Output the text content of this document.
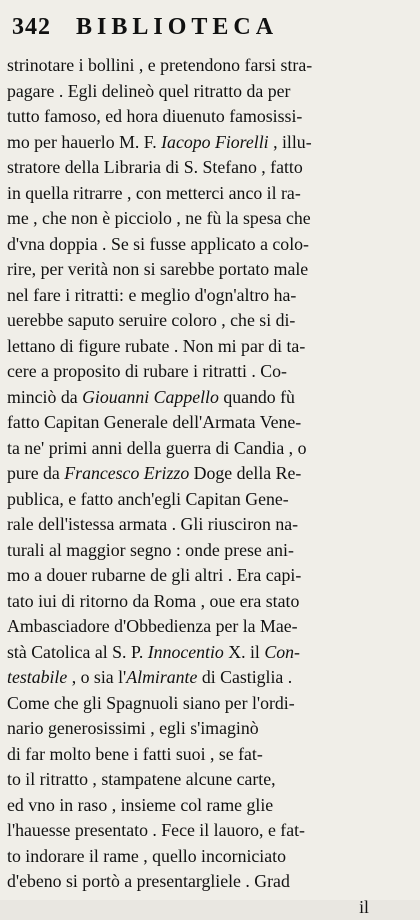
342 BIBLIOTECA
strinotare i bollini , e pretendono farsi stra-
pagare . Egli delineò quel ritratto da per
tutto famoso, ed hora diuenuto famosissi-
mo per hauerlo M. F. Iacopo Fiorelli , illu-
stratore della Libraria di S. Stefano , fatto
in quella ritrarre , con metterci anco il ra-
me , che non è picciolo , ne fù la spesa che
d'vna doppia . Se si fusse applicato a colo-
rire, per verità non si sarebbe portato male
nel fare i ritratti: e meglio d'ogn'altro ha-
uerebbe saputo seruire coloro , che si di-
lettano di figure rubate . Non mi par di ta-
cere a proposito di rubare i ritratti . Co-
minciò da Giouanni Cappello quando fù
fatto Capitan Generale dell'Armata Vene-
ta ne' primi anni della guerra di Candia , o
pure da Francesco Erizzo Doge della Re-
publica, e fatto anch'egli Capitan Gene-
rale dell'istessa armata . Gli riusciron na-
turali al maggior segno : onde prese ani-
mo a douer rubarne de gli altri . Era capi-
tato iui di ritorno da Roma , oue era stato
Ambasciadore d'Obbedienza per la Mae-
stà Catolica al S. P. Innocentio X. il Con-
testabile , o sia l'Almirante di Castiglia .
Come che gli Spagnuoli siano per l'ordi-
nario generosissimi , egli s'imaginò
di far molto bene i fatti suoi , se fat-
to il ritratto , stampatene alcune carte,
ed vno in raso , insieme col rame glie
l'hauesse presentato . Fece il lauoro, e fat-
to indorare il rame , quello incorniciato
d'ebeno si portò a presentargliele . Grad
il
